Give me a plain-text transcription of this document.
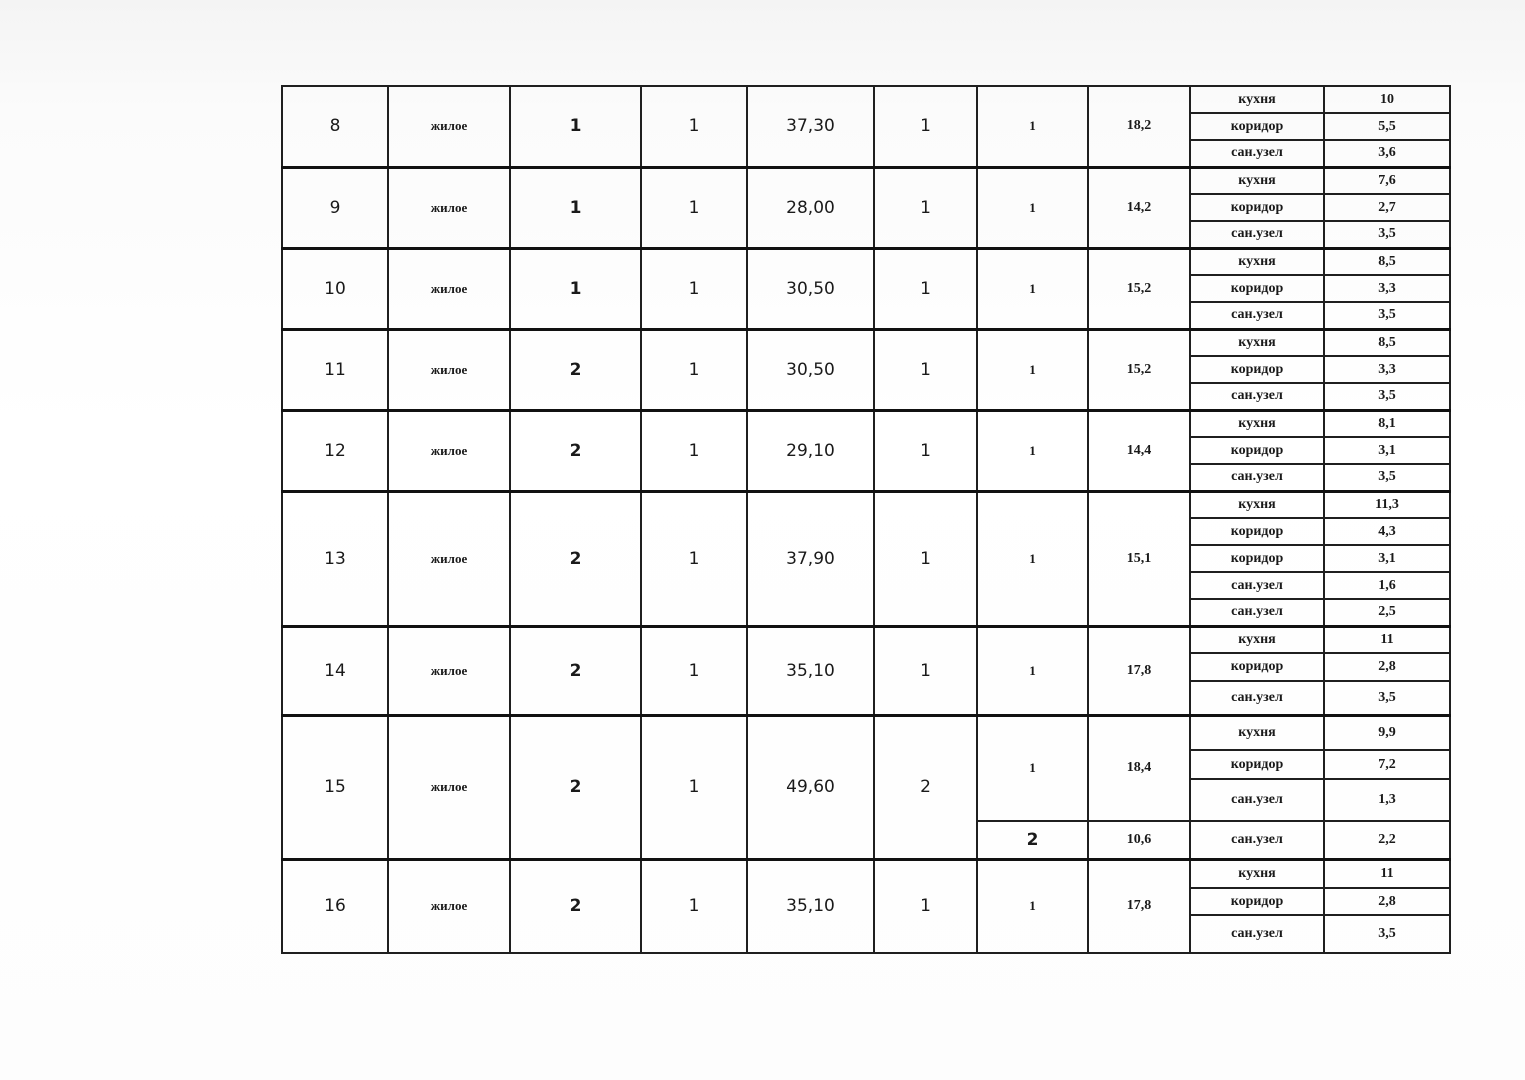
8	жилое	1	1	37,30	1	1	18,2	кухня	10
								коридор	5,5
								сан.узел	3,6
9	жилое	1	1	28,00	1	1	14,2	кухня	7,6
								коридор	2,7
								сан.узел	3,5
10	жилое	1	1	30,50	1	1	15,2	кухня	8,5
								коридор	3,3
								сан.узел	3,5
11	жилое	2	1	30,50	1	1	15,2	кухня	8,5
								коридор	3,3
								сан.узел	3,5
12	жилое	2	1	29,10	1	1	14,4	кухня	8,1
								коридор	3,1
								сан.узел	3,5
13	жилое	2	1	37,90	1	1	15,1	кухня	11,3
								коридор	4,3
								коридор	3,1
								сан.узел	1,6
								сан.узел	2,5
14	жилое	2	1	35,10	1	1	17,8	кухня	11
								коридор	2,8
								сан.узел	3,5
15	жилое	2	1	49,60	2	1	18,4	кухня	9,9
								коридор	7,2
								сан.узел	1,3
						2	10,6	сан.узел	2,2
16	жилое	2	1	35,10	1	1	17,8	кухня	11
								коридор	2,8
								сан.узел	3,5
